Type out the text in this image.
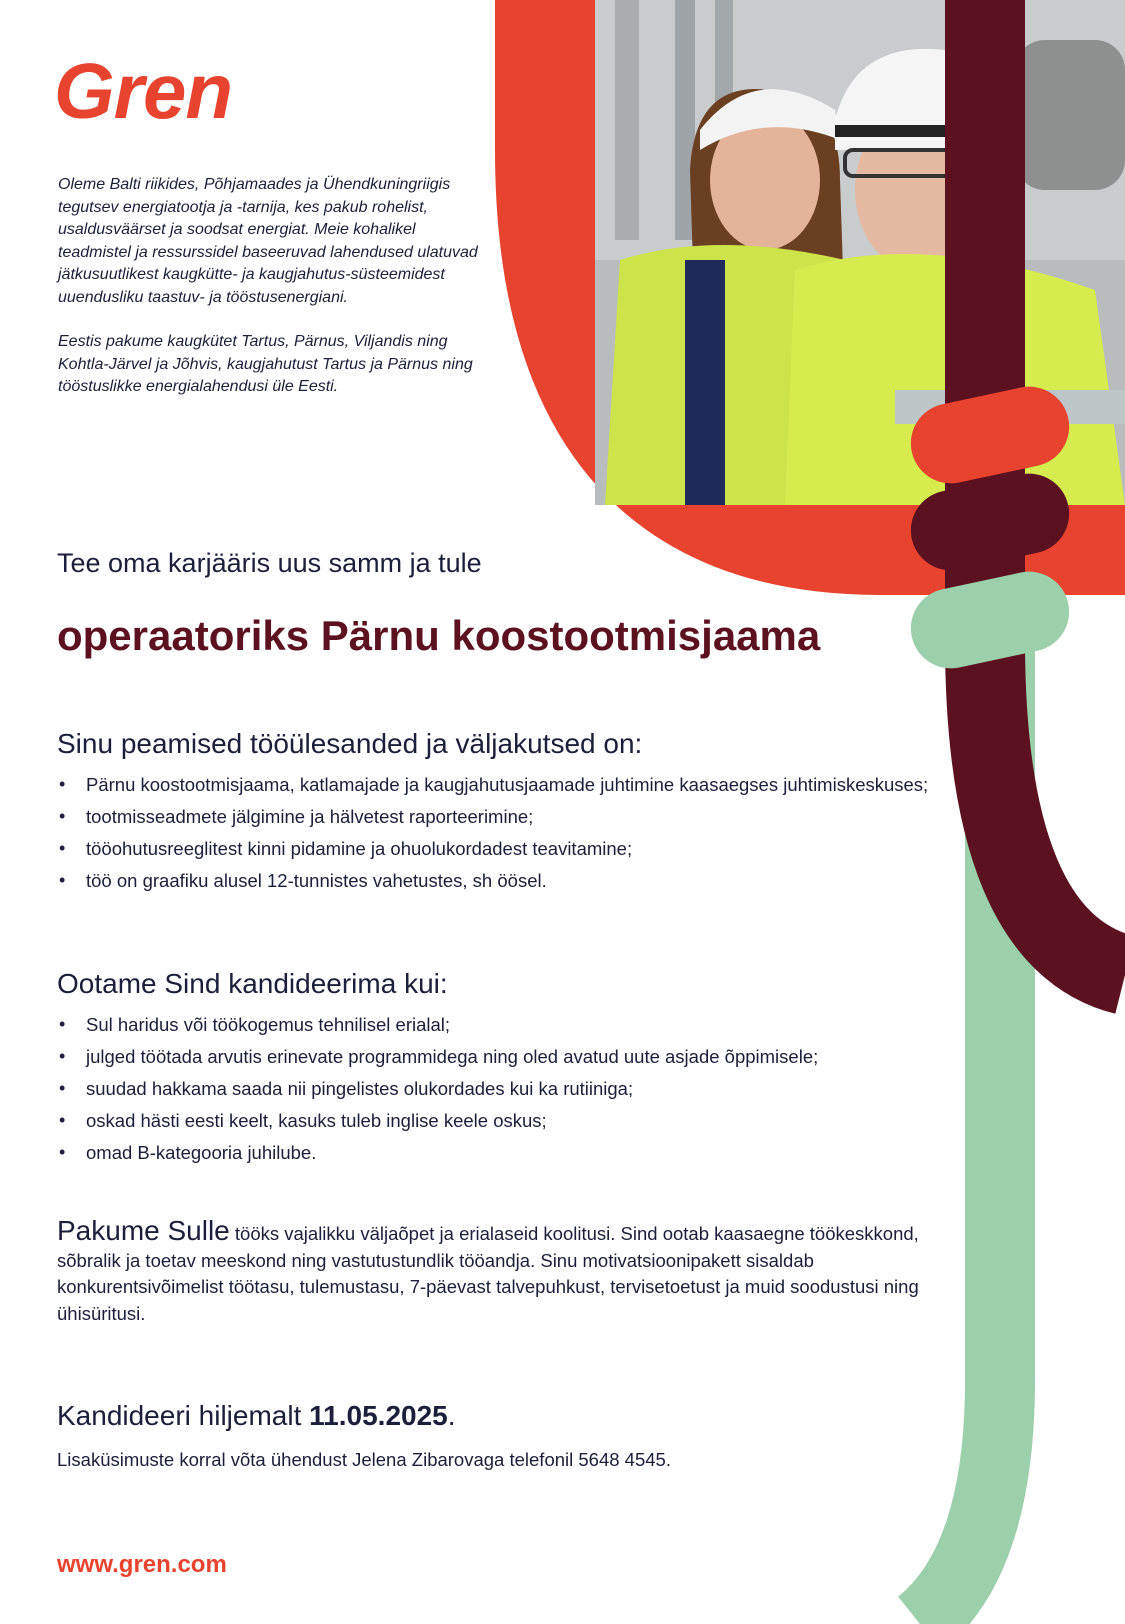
Gren

Oleme Balti riikides, Põhjamaades ja Ühendkuningriigis tegutsev energiatootja ja -tarnija, kes pakub rohelist, usaldusväärset ja soodsat energiat. Meie kohalikel teadmistel ja ressurssidel baseeruvad lahendused ulatuvad jätkusuutlikest kaugkütte- ja kaugjahutus-süsteemidest uuendusliku taastuv- ja tööstusenergiani.

Eestis pakume kaugkütet Tartus, Pärnus, Viljandis ning Kohtla-Järvel ja Jõhvis, kaugjahutust Tartus ja Pärnus ning tööstuslikke energialahendusi üle Eesti.

Tee oma karjääris uus samm ja tule
operaatoriks Pärnu koostootmisjaama
Sinu peamised tööülesanded ja väljakutsed on:
• Pärnu koostootmisjaama, katlamajade ja kaugjahutusjaamade juhtimine kaasaegses juhtimiskeskuses;
• tootmisseadmete jälgimine ja hälvetest raporteerimine;
• tööohutusreeglitest kinni pidamine ja ohuolukordadest teavitamine;
• töö on graafiku alusel 12-tunnistes vahetustes, sh öösel.
Ootame Sind kandideerima kui:
• Sul haridus või töökogemus tehnilisel erialal;
• julged töötada arvutis erinevate programmidega ning oled avatud uute asjade õppimisele;
• suudad hakkama saada nii pingelistes olukordades kui ka rutiiniga;
• oskad hästi eesti keelt, kasuks tuleb inglise keele oskus;
• omad B-kategooria juhilube.
Pakume Sulle tööks vajalikku väljaõpet ja erialaseid koolitusi. Sind ootab kaasaegne töökeskkond, sõbralik ja toetav meeskond ning vastutustundlik tööandja. Sinu motivatsioonipakett sisaldab konkurentsivõimelist töötasu, tulemustasu, 7-päevast talvepuhkust, tervisetoetust ja muid soodustusi ning ühisüritusi.
Kandideeri hiljemalt 11.05.2025.
Lisaküsimuste korral võta ühendust Jelena Zibarovaga telefonil 5648 4545.
www.gren.com
